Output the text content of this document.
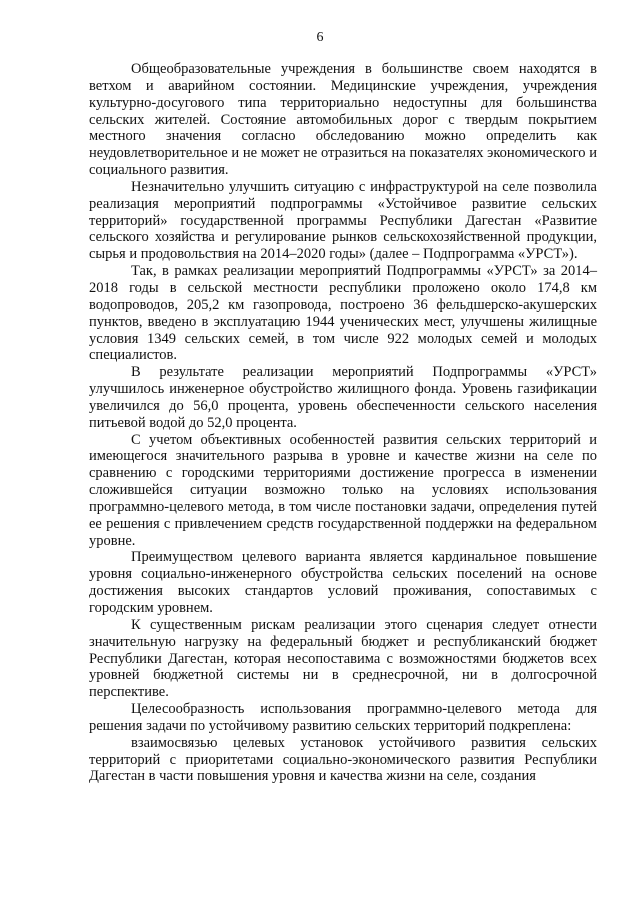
6

Общеобразовательные учреждения в большинстве своем находятся в ветхом и аварийном состоянии. Медицинские учреждения, учреждения культурно-досугового типа территориально недоступны для большинства сельских жителей. Состояние автомобильных дорог с твердым покрытием местного значения согласно обследованию можно определить как неудовлетворительное и не может не отразиться на показателях экономического и социального развития.

Незначительно улучшить ситуацию с инфраструктурой на селе позволила реализация мероприятий подпрограммы «Устойчивое развитие сельских территорий» государственной программы Республики Дагестан «Развитие сельского хозяйства и регулирование рынков сельскохозяйственной продукции, сырья и продовольствия на 2014–2020 годы» (далее – Подпрограмма «УРСТ»).

Так, в рамках реализации мероприятий Подпрограммы «УРСТ» за 2014–2018 годы в сельской местности республики проложено около 174,8 км водопроводов, 205,2 км газопровода, построено 36 фельдшерско-акушерских пунктов, введено в эксплуатацию 1944 ученических мест, улучшены жилищные условия 1349 сельских семей, в том числе 922 молодых семей и молодых специалистов.

В результате реализации мероприятий Подпрограммы «УРСТ» улучшилось инженерное обустройство жилищного фонда. Уровень газификации увеличился до 56,0 процента, уровень обеспеченности сельского населения питьевой водой до 52,0 процента.

С учетом объективных особенностей развития сельских территорий и имеющегося значительного разрыва в уровне и качестве жизни на селе по сравнению с городскими территориями достижение прогресса в изменении сложившейся ситуации возможно только на условиях использования программно-целевого метода, в том числе постановки задачи, определения путей ее решения с привлечением средств государственной поддержки на федеральном уровне.

Преимуществом целевого варианта является кардинальное повышение уровня социально-инженерного обустройства сельских поселений на основе достижения высоких стандартов условий проживания, сопоставимых с городским уровнем.

К существенным рискам реализации этого сценария следует отнести значительную нагрузку на федеральный бюджет и республиканский бюджет Республики Дагестан, которая несопоставима с возможностями бюджетов всех уровней бюджетной системы ни в среднесрочной, ни в долгосрочной перспективе.

Целесообразность использования программно-целевого метода для решения задачи по устойчивому развитию сельских территорий подкреплена:

взаимосвязью целевых установок устойчивого развития сельских территорий с приоритетами социально-экономического развития Республики Дагестан в части повышения уровня и качества жизни на селе, создания
